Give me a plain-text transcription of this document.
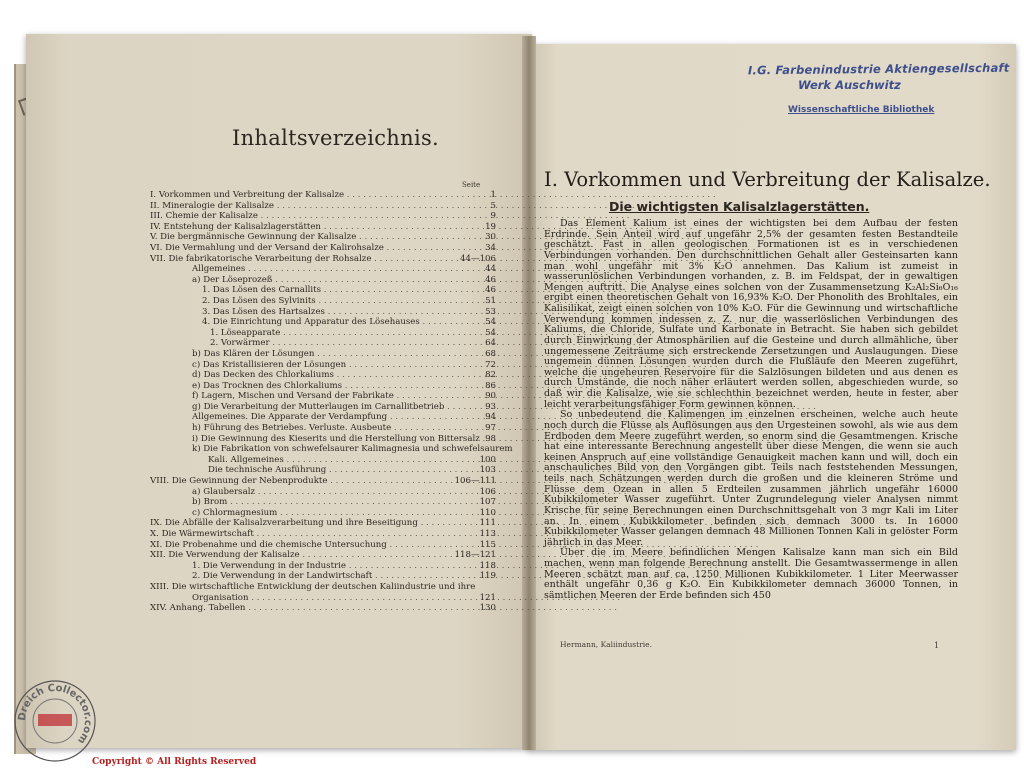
Inhaltsverzeichnis.
Seite
I. Vorkommen und Verbreitung der Kalisalze . . .	1
II. Mineralogie der Kalisalze . . .	5
III. Chemie der Kalisalze . . .	9
IV. Entstehung der Kalisalzlagerstätten . . .	19
V. Die bergmännische Gewinnung der Kalisalze . . .	30
VI. Die Vermahlung und der Versand der Kalirohsalze . . .	34
VII. Die fabrikatorische Verarbeitung der Rohsalze . . .	44—106
Allgemeines . . .	44
a) Der Löseprozeß . . .	46
1. Das Lösen des Carnallits . . .	46
2. Das Lösen des Sylvinits . . .	51
3. Das Lösen des Hartsalzes . . .	53
4. Die Einrichtung und Apparatur des Lösehauses . . .	54
1. Löseapparate . . .	54
2. Vorwärmer . . .	64
b) Das Klären der Lösungen . . .	68
c) Das Kristallisieren der Lösungen . . .	72
d) Das Decken des Chlorkaliums . . .	82
e) Das Trocknen des Chlorkaliums . . .	86
f) Lagern, Mischen und Versand der Fabrikate . . .	90
g) Die Verarbeitung der Mutterlaugen im Carnallitbetrieb . . .	93
Allgemeines. Die Apparate der Verdampfung . . .	94
h) Führung des Betriebes. Verluste. Ausbeute . . .	97
i) Die Gewinnung des Kieserits und die Herstellung von Bittersalz . . . 98
k) Die Fabrikation von schwefelsaurer Kalimagnesia und schwefelsaurem
Kali. Allgemeines . . .	100
Die technische Ausführung . . .	103
VIII. Die Gewinnung der Nebenprodukte . . .	106—111
a) Glaubersalz . . .	106
b) Brom . . .	107
c) Chlormagnesium . . .	110
IX. Die Abfälle der Kalisalzverarbeitung und ihre Beseitigung . . .	111
X. Die Wärmewirtschaft . . .	113
XI. Die Probenahme und die chemische Untersuchung . . .	115
XII. Die Verwendung der Kalisalze . . .	118—121
1. Die Verwendung in der Industrie . . .	118
2. Die Verwendung in der Landwirtschaft . . .	119
XIII. Die wirtschaftliche Entwicklung der deutschen Kaliindustrie und ihre
Organisation . . .	121
XIV. Anhang. Tabellen . . .	130
I.G. Farbenindustrie Aktiengesellschaft
Werk Auschwitz
Wissenschaftliche Bibliothek
I. Vorkommen und Verbreitung der Kalisalze.
Die wichtigsten Kalisalzlagerstätten.

Das Element Kalium ist eines der wichtigsten bei dem Aufbau der festen Erdrinde. Sein Anteil wird auf ungefähr 2,5% der gesamten festen Bestandteile geschätzt. Fast in allen geologischen Formationen ist es in verschiedenen Verbindungen vorhanden. Den durchschnittlichen Gehalt aller Gesteinsarten kann man wohl ungefähr mit 3% K₂O annehmen. Das Kalium ist zumeist in wasserunlöslichen Verbindungen vorhanden, z. B. im Feldspat, der in gewaltigen Mengen auftritt. Die Analyse eines solchen von der Zusammensetzung K₂Al₂Si₆O₁₆ ergibt einen theoretischen Gehalt von 16,93% K₂O. Der Phonolith des Brohltales, ein Kalisilikat, zeigt einen solchen von 10% K₂O. Für die Gewinnung und wirtschaftliche Verwendung kommen indessen z. Z. nur die wasserlöslichen Verbindungen des Kaliums, die Chloride, Sulfate und Karbonate in Betracht. Sie haben sich gebildet durch Einwirkung der Atmosphärilien auf die Gesteine und durch allmähliche, über ungemessene Zeiträume sich erstreckende Zersetzungen und Auslaugungen. Diese ungemein dünnen Lösungen wurden durch die Flußläufe den Meeren zugeführt, welche die ungeheuren Reservoire für die Salzlösungen bildeten und aus denen es durch Umstände, die noch näher erläutert werden sollen, abgeschieden wurde, so daß wir die Kalisalze, wie sie schlechthin bezeichnet werden, heute in fester, aber leicht verarbeitungsfähiger Form gewinnen können.

So unbedeutend die Kalimengen im einzelnen erscheinen, welche auch heute noch durch die Flüsse als Auflösungen aus den Urgesteinen sowohl, als wie aus dem Erdboden dem Meere zugeführt werden, so enorm sind die Gesamtmengen. Krische hat eine interessante Berechnung angestellt über diese Mengen, die wenn sie auch keinen Anspruch auf eine vollständige Genauigkeit machen kann und will, doch ein anschauliches Bild von den Vorgängen gibt. Teils nach feststehenden Messungen, teils nach Schätzungen werden durch die großen und die kleineren Ströme und Flüsse dem Ozean in allen 5 Erdteilen zusammen jährlich ungefähr 16000 Kubikkilometer Wasser zugeführt. Unter Zugrundelegung vieler Analysen nimmt Krische für seine Berechnungen einen Durchschnittsgehalt von 3 mgr Kali im Liter an. In einem Kubikkilometer befinden sich demnach 3000 ts. In 16000 Kubikkilometer Wasser gelangen demnach 48 Millionen Tonnen Kali in gelöster Form jährlich in das Meer.

Über die im Meere befindlichen Mengen Kalisalze kann man sich ein Bild machen, wenn man folgende Berechnung anstellt. Die Gesamtwassermenge in allen Meeren schätzt man auf ca. 1250 Millionen Kubikkilometer. 1 Liter Meerwasser enthält ungefähr 0,36 g K₂O. Ein Kubikkilometer demnach 36000 Tonnen, in sämtlichen Meeren der Erde befinden sich 450

Hermann, Kaliindustrie.	1
Dreich Collector.com
Copyright © All Rights Reserved
